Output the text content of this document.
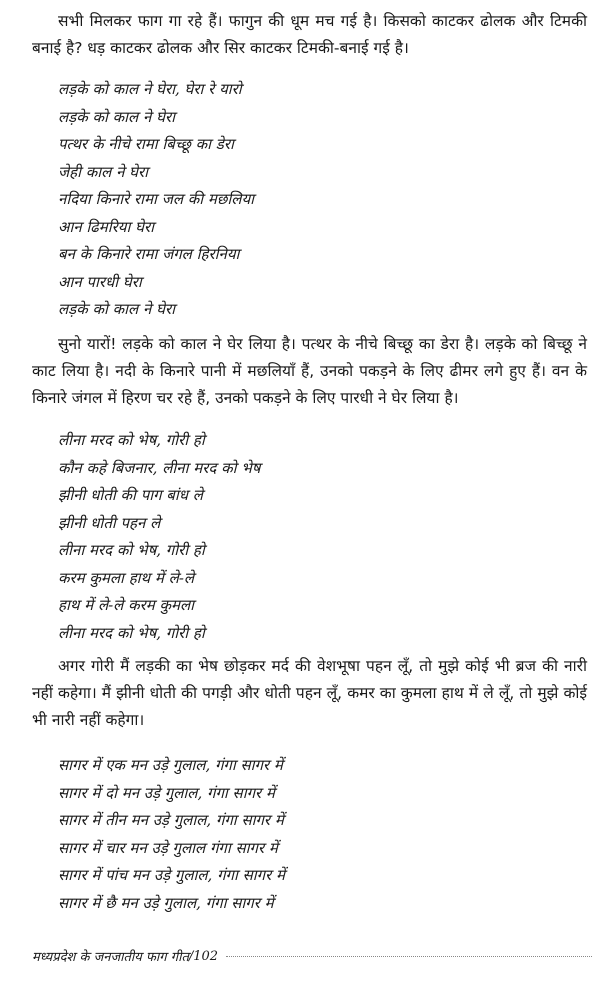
सभी मिलकर फाग गा रहे हैं। फागुन की धूम मच गई है। किसको काटकर ढोलक और टिमकी बनाई है? धड़ काटकर ढोलक और सिर काटकर टिमकी-बनाई गई है।

लड़के को काल ने घेरा, घेरा रे यारो
लड़के को काल ने घेरा
पत्थर के नीचे रामा बिच्छू का डेरा
जेही काल ने घेरा
नदिया किनारे रामा जल की मछलिया
आन ढिमरिया घेरा
बन के किनारे रामा जंगल हिरनिया
आन पारधी घेरा
लड़के को काल ने घेरा

सुनो यारों! लड़के को काल ने घेर लिया है। पत्थर के नीचे बिच्छू का डेरा है। लड़के को बिच्छू ने काट लिया है। नदी के किनारे पानी में मछलियाँ हैं, उनको पकड़ने के लिए ढीमर लगे हुए हैं। वन के किनारे जंगल में हिरण चर रहे हैं, उनको पकड़ने के लिए पारधी ने घेर लिया है।

लीना मरद को भेष, गोरी हो
कौन कहे बिजनार, लीना मरद को भेष
झीनी धोती की पाग बांध ले
झीनी धोती पहन ले
लीना मरद को भेष, गोरी हो
करम कुमला हाथ में ले-ले
हाथ में ले-ले करम कुमला
लीना मरद को भेष, गोरी हो

अगर गोरी मैं लड़की का भेष छोड़कर मर्द की वेशभूषा पहन लूँ, तो मुझे कोई भी ब्रज की नारी नहीं कहेगा। मैं झीनी धोती की पगड़ी और धोती पहन लूँ, कमर का कुमला हाथ में ले लूँ, तो मुझे कोई भी नारी नहीं कहेगा।

सागर में एक मन उड़े गुलाल, गंगा सागर में
सागर में दो मन उड़े गुलाल, गंगा सागर में
सागर में तीन मन उड़े गुलाल, गंगा सागर में
सागर में चार मन उड़े गुलाल गंगा सागर में
सागर में पांच मन उड़े गुलाल, गंगा सागर में
सागर में छै मन उड़े गुलाल, गंगा सागर में
मध्यप्रदेश के जनजातीय फाग गीत / 102
